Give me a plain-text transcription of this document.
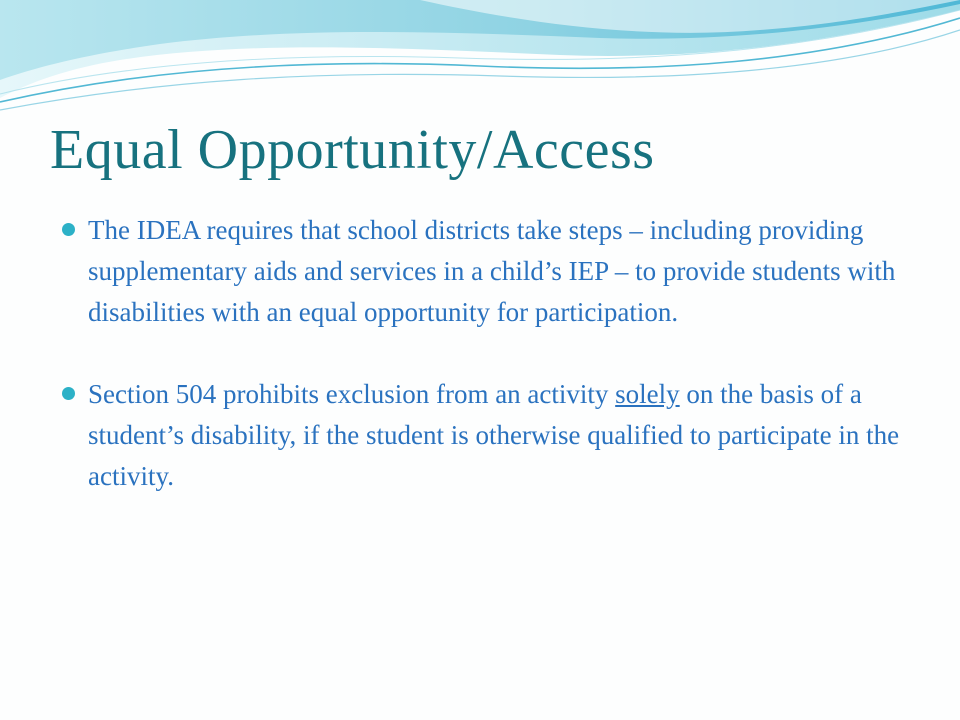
Equal Opportunity/Access
The IDEA requires that school districts take steps – including providing supplementary aids and services in a child’s IEP – to provide students with disabilities with an equal opportunity for participation.
Section 504 prohibits exclusion from an activity solely on the basis of a student’s disability, if the student is otherwise qualified to participate in the activity.
